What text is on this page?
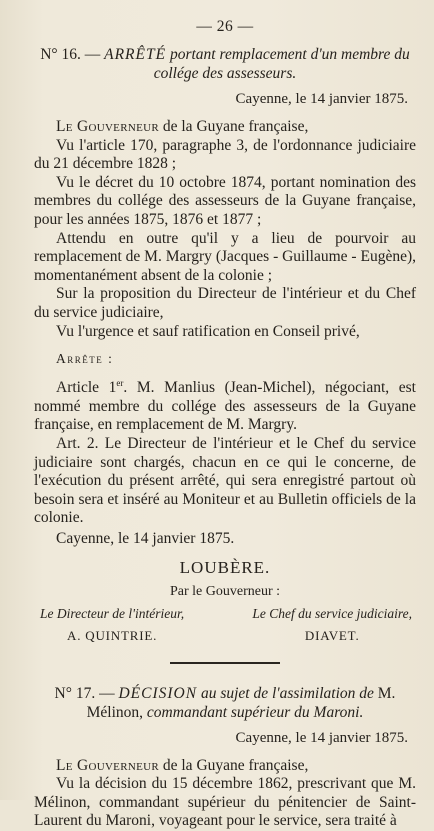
— 26 —
N° 16. — ARRÊTÉ portant remplacement d'un membre du collége des assesseurs.
Cayenne, le 14 janvier 1875.

Le Gouverneur de la Guyane française,

Vu l'article 170, paragraphe 3, de l'ordonnance judiciaire du 21 décembre 1828 ;

Vu le décret du 10 octobre 1874, portant nomination des membres du collége des assesseurs de la Guyane française, pour les années 1875, 1876 et 1877 ;

Attendu en outre qu'il y a lieu de pourvoir au remplacement de M. Margry (Jacques - Guillaume - Eugène), momentanément absent de la colonie ;

Sur la proposition du Directeur de l'intérieur et du Chef du service judiciaire,

Vu l'urgence et sauf ratification en Conseil privé,

Arrête :

Article 1er. M. Manlius (Jean-Michel), négociant, est nommé membre du collége des assesseurs de la Guyane française, en remplacement de M. Margry.

Art. 2. Le Directeur de l'intérieur et le Chef du service judiciaire sont chargés, chacun en ce qui le concerne, de l'exécution du présent arrêté, qui sera enregistré partout où besoin sera et inséré au Moniteur et au Bulletin officiels de la colonie.

Cayenne, le 14 janvier 1875.
LOUBÈRE.
Par le Gouverneur :
Le Directeur de l'intérieur,
A. QUINTRIE.
Le Chef du service judiciaire,
DIAVET.
N° 17. — DÉCISION au sujet de l'assimilation de M. Mélinon, commandant supérieur du Maroni.
Cayenne, le 14 janvier 1875.

Le Gouverneur de la Guyane française,

Vu la décision du 15 décembre 1862, prescrivant que M. Mélinon, commandant supérieur du pénitencier de Saint-Laurent du Maroni, voyageant pour le service, sera traité à
